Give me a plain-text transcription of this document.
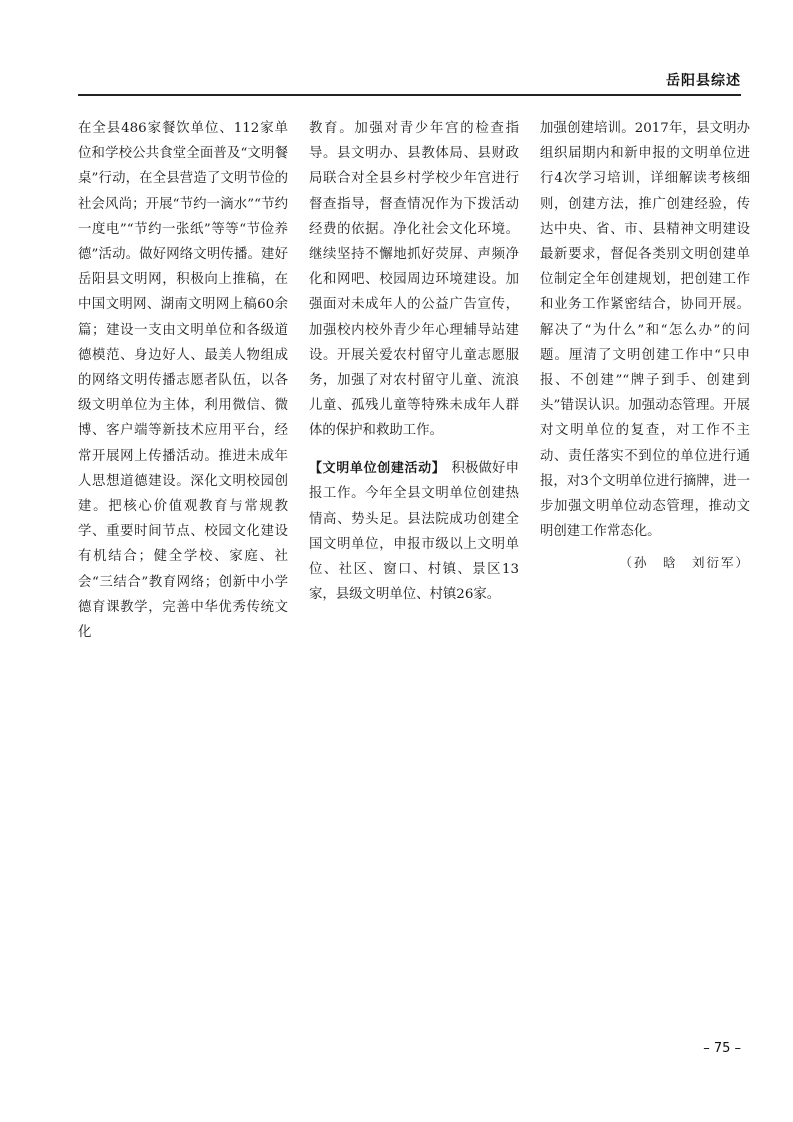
岳阳县综述

在全县486家餐饮单位、112家单位和学校公共食堂全面普及“文明餐桌”行动，在全县营造了文明节俭的社会风尚；开展“节约一滴水”“节约一度电”“节约一张纸”等等“节俭养德”活动。做好网络文明传播。建好岳阳县文明网，积极向上推稿，在中国文明网、湖南文明网上稿60余篇；建设一支由文明单位和各级道德模范、身边好人、最美人物组成的网络文明传播志愿者队伍，以各级文明单位为主体，利用微信、微博、客户端等新技术应用平台，经常开展网上传播活动。推进未成年人思想道德建设。深化文明校园创建。把核心价值观教育与常规教学、重要时间节点、校园文化建设有机结合；健全学校、家庭、社会“三结合”教育网络；创新中小学德育课教学，完善中华优秀传统文化

教育。加强对青少年宫的检查指导。县文明办、县教体局、县财政局联合对全县乡村学校少年宫进行督查指导，督查情况作为下拨活动经费的依据。净化社会文化环境。继续坚持不懈地抓好荧屏、声频净化和网吧、校园周边环境建设。加强面对未成年人的公益广告宣传，加强校内校外青少年心理辅导站建设。开展关爱农村留守儿童志愿服务，加强了对农村留守儿童、流浪儿童、孤残儿童等特殊未成年人群体的保护和救助工作。

【文明单位创建活动】 积极做好申报工作。今年全县文明单位创建热情高、势头足。县法院成功创建全国文明单位，申报市级以上文明单位、社区、窗口、村镇、景区13家，县级文明单位、村镇26家。

加强创建培训。2017年，县文明办组织届期内和新申报的文明单位进行4次学习培训，详细解读考核细则，创建方法，推广创建经验，传达中央、省、市、县精神文明建设最新要求，督促各类别文明创建单位制定全年创建规划，把创建工作和业务工作紧密结合，协同开展。解决了“为什么”和“怎么办”的问题。厘清了文明创建工作中“只申报、不创建”“牌子到手、创建到头”错误认识。加强动态管理。开展对文明单位的复查，对工作不主动、责任落实不到位的单位进行通报，对3个文明单位进行摘牌，进一步加强文明单位动态管理，推动文明创建工作常态化。

（孙　晗　刘衍军）
– 75 –
